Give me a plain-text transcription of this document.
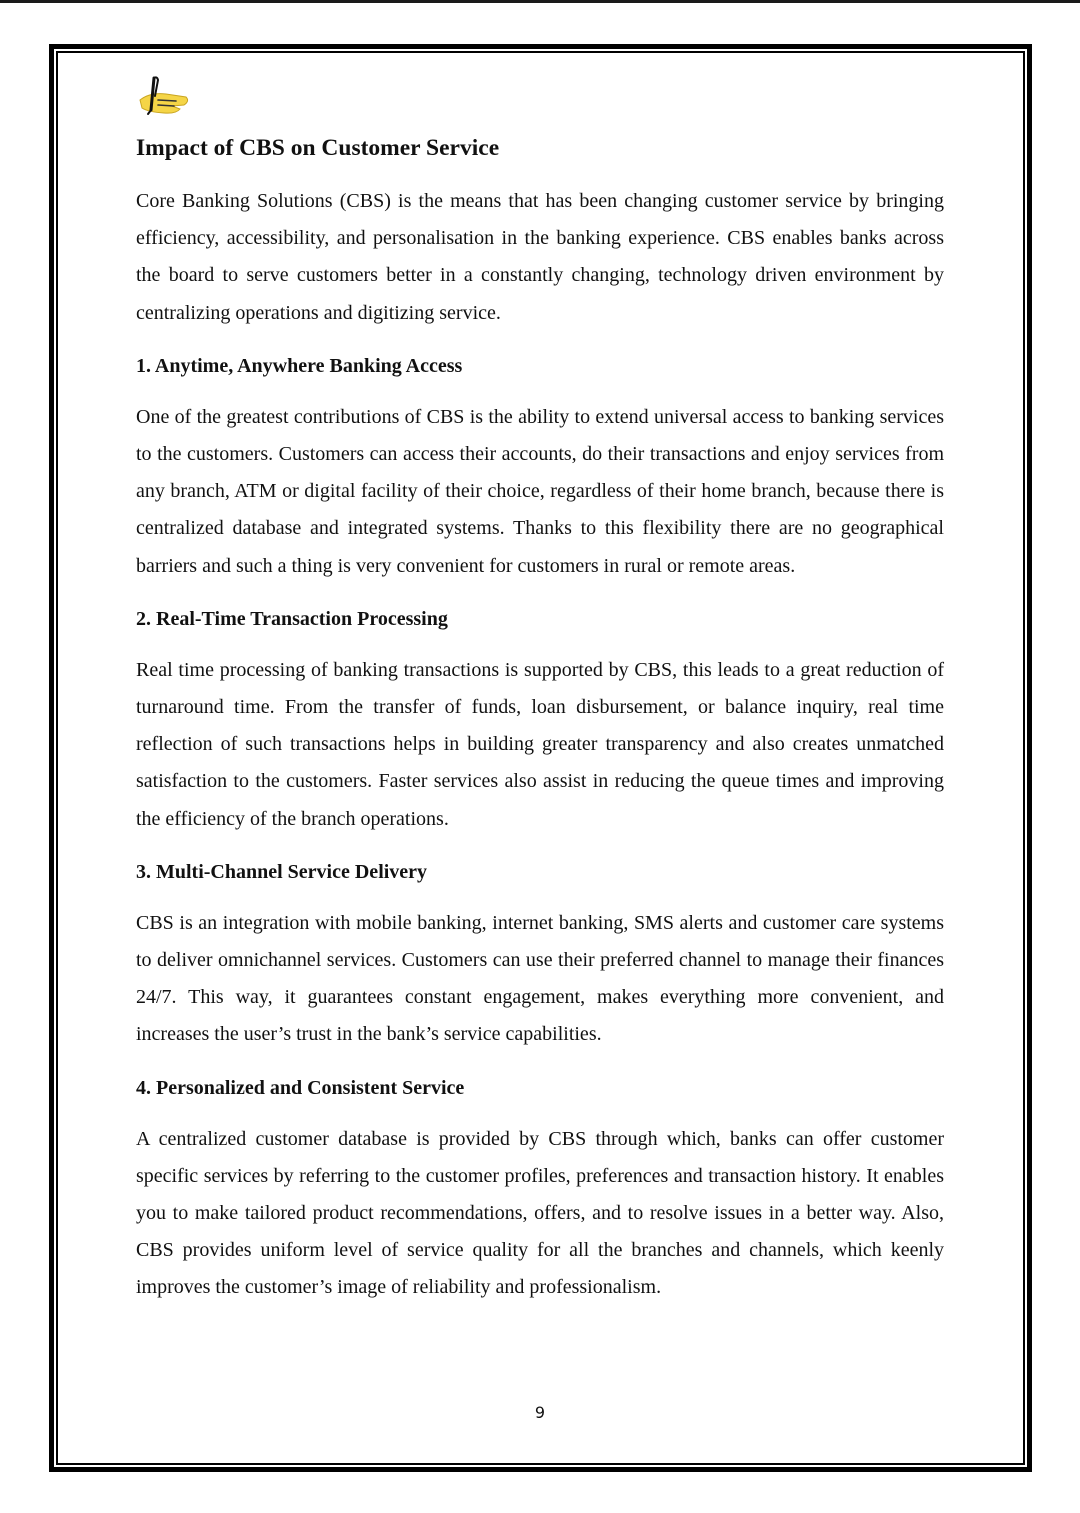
Impact of CBS on Customer Service

Core Banking Solutions (CBS) is the means that has been changing customer service by bringing efficiency, accessibility, and personalisation in the banking experience. CBS enables banks across the board to serve customers better in a constantly changing, technology driven environment by centralizing operations and digitizing service.

1. Anytime, Anywhere Banking Access

One of the greatest contributions of CBS is the ability to extend universal access to banking services to the customers. Customers can access their accounts, do their transactions and enjoy services from any branch, ATM or digital facility of their choice, regardless of their home branch, because there is centralized database and integrated systems. Thanks to this flexibility there are no geographical barriers and such a thing is very convenient for customers in rural or remote areas.

2. Real-Time Transaction Processing

Real time processing of banking transactions is supported by CBS, this leads to a great reduction of turnaround time. From the transfer of funds, loan disbursement, or balance inquiry, real time reflection of such transactions helps in building greater transparency and also creates unmatched satisfaction to the customers. Faster services also assist in reducing the queue times and improving the efficiency of the branch operations.

3. Multi-Channel Service Delivery

CBS is an integration with mobile banking, internet banking, SMS alerts and customer care systems to deliver omnichannel services. Customers can use their preferred channel to manage their finances 24/7. This way, it guarantees constant engagement, makes everything more convenient, and increases the user’s trust in the bank’s service capabilities.

4. Personalized and Consistent Service

A centralized customer database is provided by CBS through which, banks can offer customer specific services by referring to the customer profiles, preferences and transaction history. It enables you to make tailored product recommendations, offers, and to resolve issues in a better way. Also, CBS provides uniform level of service quality for all the branches and channels, which keenly improves the customer’s image of reliability and professionalism.

9
